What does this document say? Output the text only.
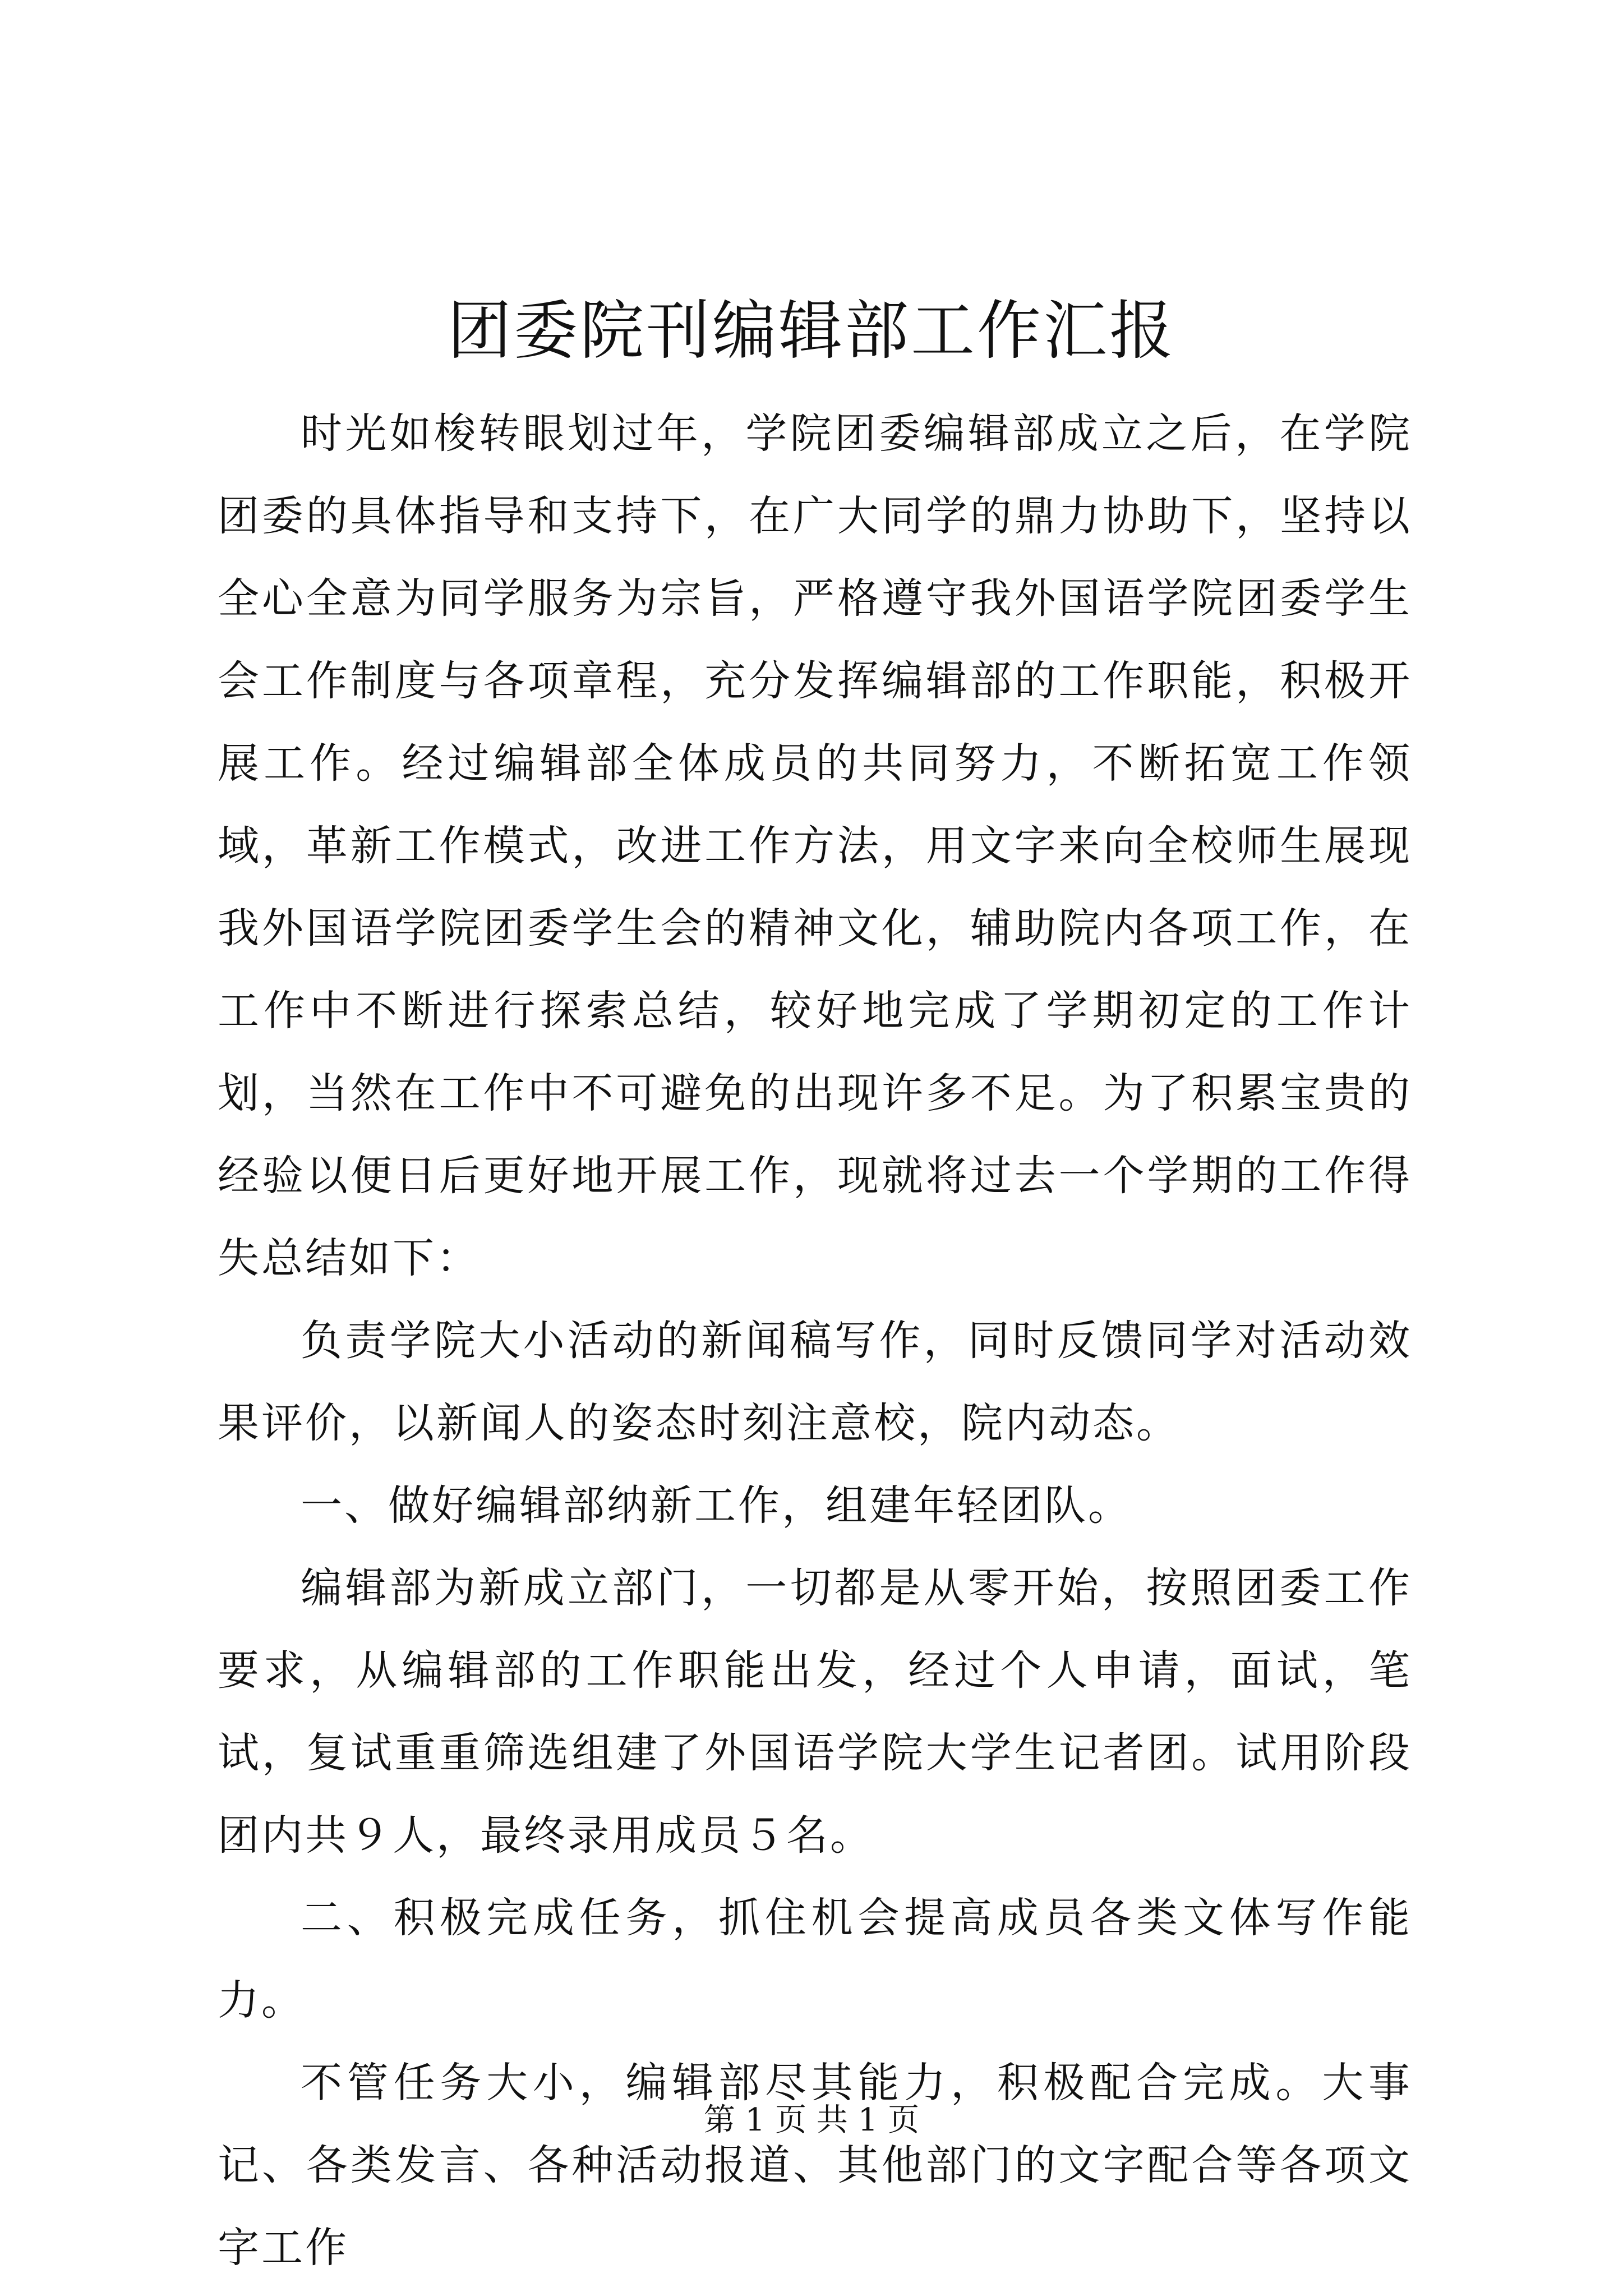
团委院刊编辑部工作汇报

时光如梭转眼划过年，学院团委编辑部成立之后，在学院团委的具体指导和支持下，在广大同学的鼎力协助下，坚持以全心全意为同学服务为宗旨，严格遵守我外国语学院团委学生会工作制度与各项章程，充分发挥编辑部的工作职能，积极开展工作。经过编辑部全体成员的共同努力，不断拓宽工作领域，革新工作模式，改进工作方法，用文字来向全校师生展现我外国语学院团委学生会的精神文化，辅助院内各项工作，在工作中不断进行探索总结，较好地完成了学期初定的工作计划，当然在工作中不可避免的出现许多不足。为了积累宝贵的经验以便日后更好地开展工作，现就将过去一个学期的工作得失总结如下：

负责学院大小活动的新闻稿写作，同时反馈同学对活动效果评价，以新闻人的姿态时刻注意校，院内动态。

一、做好编辑部纳新工作，组建年轻团队。

编辑部为新成立部门，一切都是从零开始，按照团委工作要求，从编辑部的工作职能出发，经过个人申请，面试，笔试，复试重重筛选组建了外国语学院大学生记者团。试用阶段团内共９人，最终录用成员５名。

二、积极完成任务，抓住机会提高成员各类文体写作能力。

不管任务大小，编辑部尽其能力，积极配合完成。大事记、各类发言、各种活动报道、其他部门的文字配合等各项文字工作

第 1 页 共 1 页
